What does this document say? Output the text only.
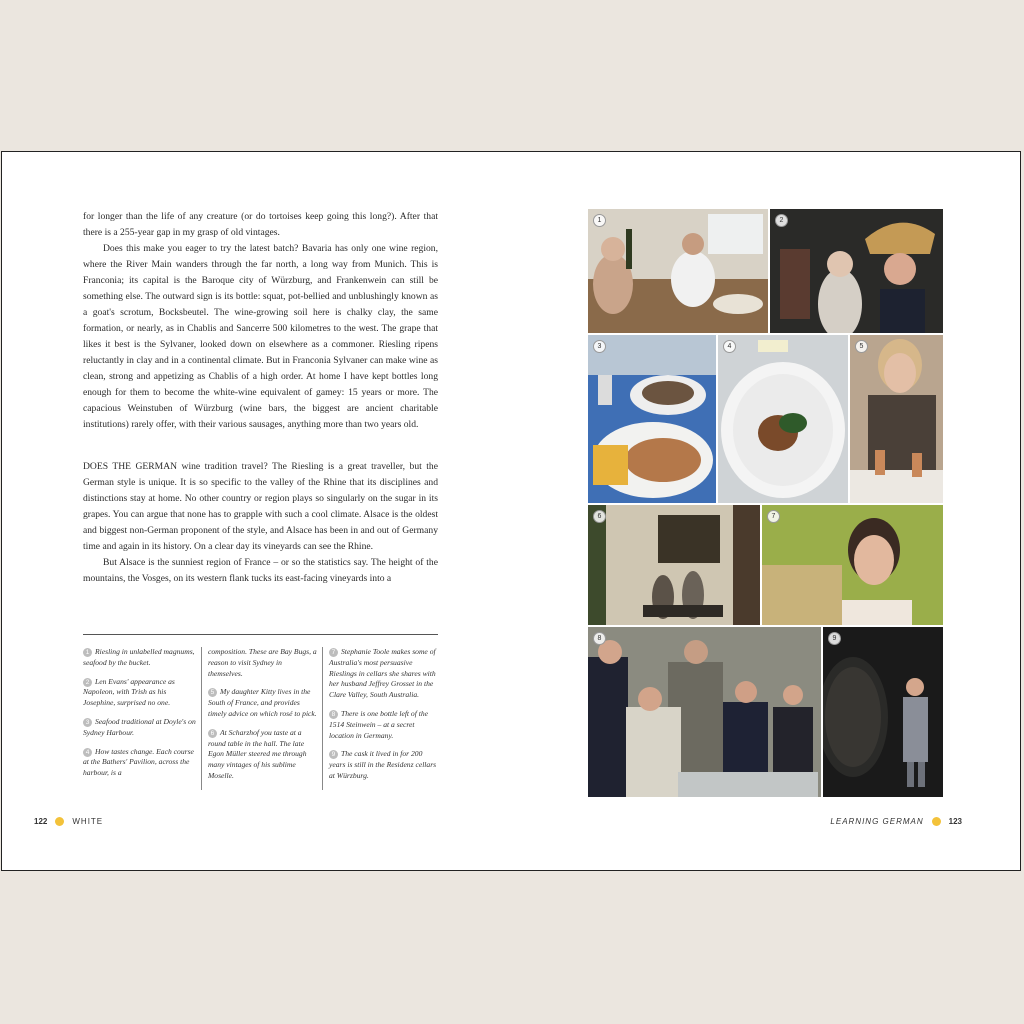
for longer than the life of any creature (or do tortoises keep going this long?). After that there is a 255-year gap in my grasp of old vintages.

Does this make you eager to try the latest batch? Bavaria has only one wine region, where the River Main wanders through the far north, a long way from Munich. This is Franconia; its capital is the Baroque city of Würzburg, and Frankenwein can still be something else. The outward sign is its bottle: squat, pot-bellied and unblushingly known as a goat's scrotum, Bocksbeutel. The wine-growing soil here is chalky clay, the same formation, or nearly, as in Chablis and Sancerre 500 kilometres to the west. The grape that likes it best is the Sylvaner, looked down on elsewhere as a commoner. Riesling ripens reluctantly in clay and in a continental climate. But in Franconia Sylvaner can make wine as clean, strong and appetizing as Chablis of a high order. At home I have kept bottles long enough for them to become the white-wine equivalent of gamey: 15 years or more. The capacious Weinstuben of Würzburg (wine bars, the biggest are ancient charitable institutions) rarely offer, with their various sausages, anything more than two years old.

DOES THE GERMAN wine tradition travel? The Riesling is a great traveller, but the German style is unique. It is so specific to the valley of the Rhine that its disciplines and distinctions stay at home. No other country or region plays so singularly on the sugar in its grapes. You can argue that none has to grapple with such a cool climate. Alsace is the oldest and biggest non-German proponent of the style, and Alsace has been in and out of Germany time and again in its history. On a clear day its vineyards can see the Rhine.

But Alsace is the sunniest region of France – or so the statistics say. The height of the mountains, the Vosges, on its western flank tucks its east-facing vineyards into a

1 Riesling in unlabelled magnums, seafood by the bucket.

2 Len Evans' appearance as Napoleon, with Trish as his Josephine, surprised no one.

3 Seafood traditional at Doyle's on Sydney Harbour.

4 How tastes change. Each course at the Bathers' Pavilion, across the harbour, is a

composition. These are Bay Bugs, a reason to visit Sydney in themselves.

5 My daughter Kitty lives in the South of France, and provides timely advice on which rosé to pick.

6 At Scharzhof you taste at a round table in the hall. The late Egon Müller steered me through many vintages of his sublime Moselle.

7 Stephanie Toole makes some of Australia's most persuasive Rieslings in cellars she shares with her husband Jeffrey Grosset in the Clare Valley, South Australia.

8 There is one bottle left of the 1514 Steinwein – at a secret location in Germany.

9 The cask it lived in for 200 years is still in the Residenz cellars at Würzburg.

122	WHITE	LEARNING GERMAN	123
1	2
3	4	5
6	7
8	9
